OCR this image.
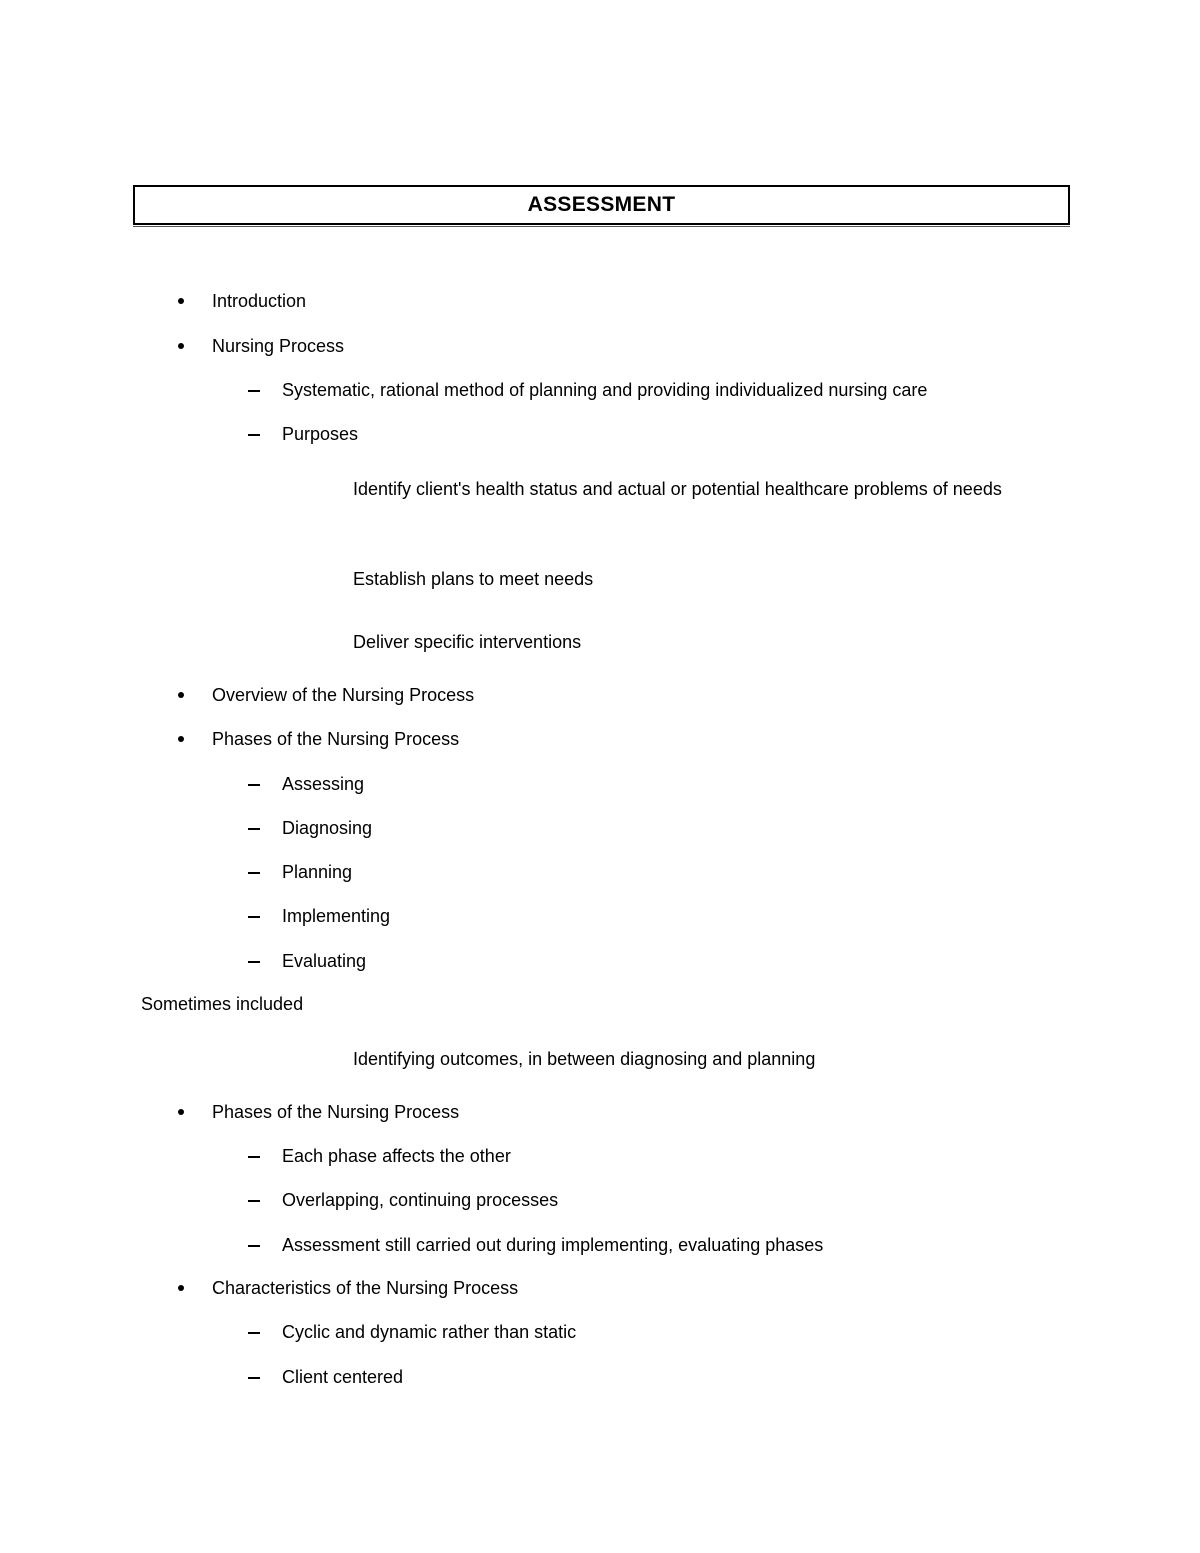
ASSESSMENT
Introduction
Nursing Process
Systematic, rational method of planning and providing individualized nursing care
Purposes
Identify client's health status and actual or potential healthcare problems of needs
Establish plans to meet needs
Deliver specific interventions
Overview of the Nursing Process
Phases of the Nursing Process
Assessing
Diagnosing
Planning
Implementing
Evaluating
Sometimes included
Identifying outcomes, in between diagnosing and planning
Phases of the Nursing Process
Each phase affects the other
Overlapping, continuing processes
Assessment still carried out during implementing, evaluating phases
Characteristics of the Nursing Process
Cyclic and dynamic rather than static
Client centered
